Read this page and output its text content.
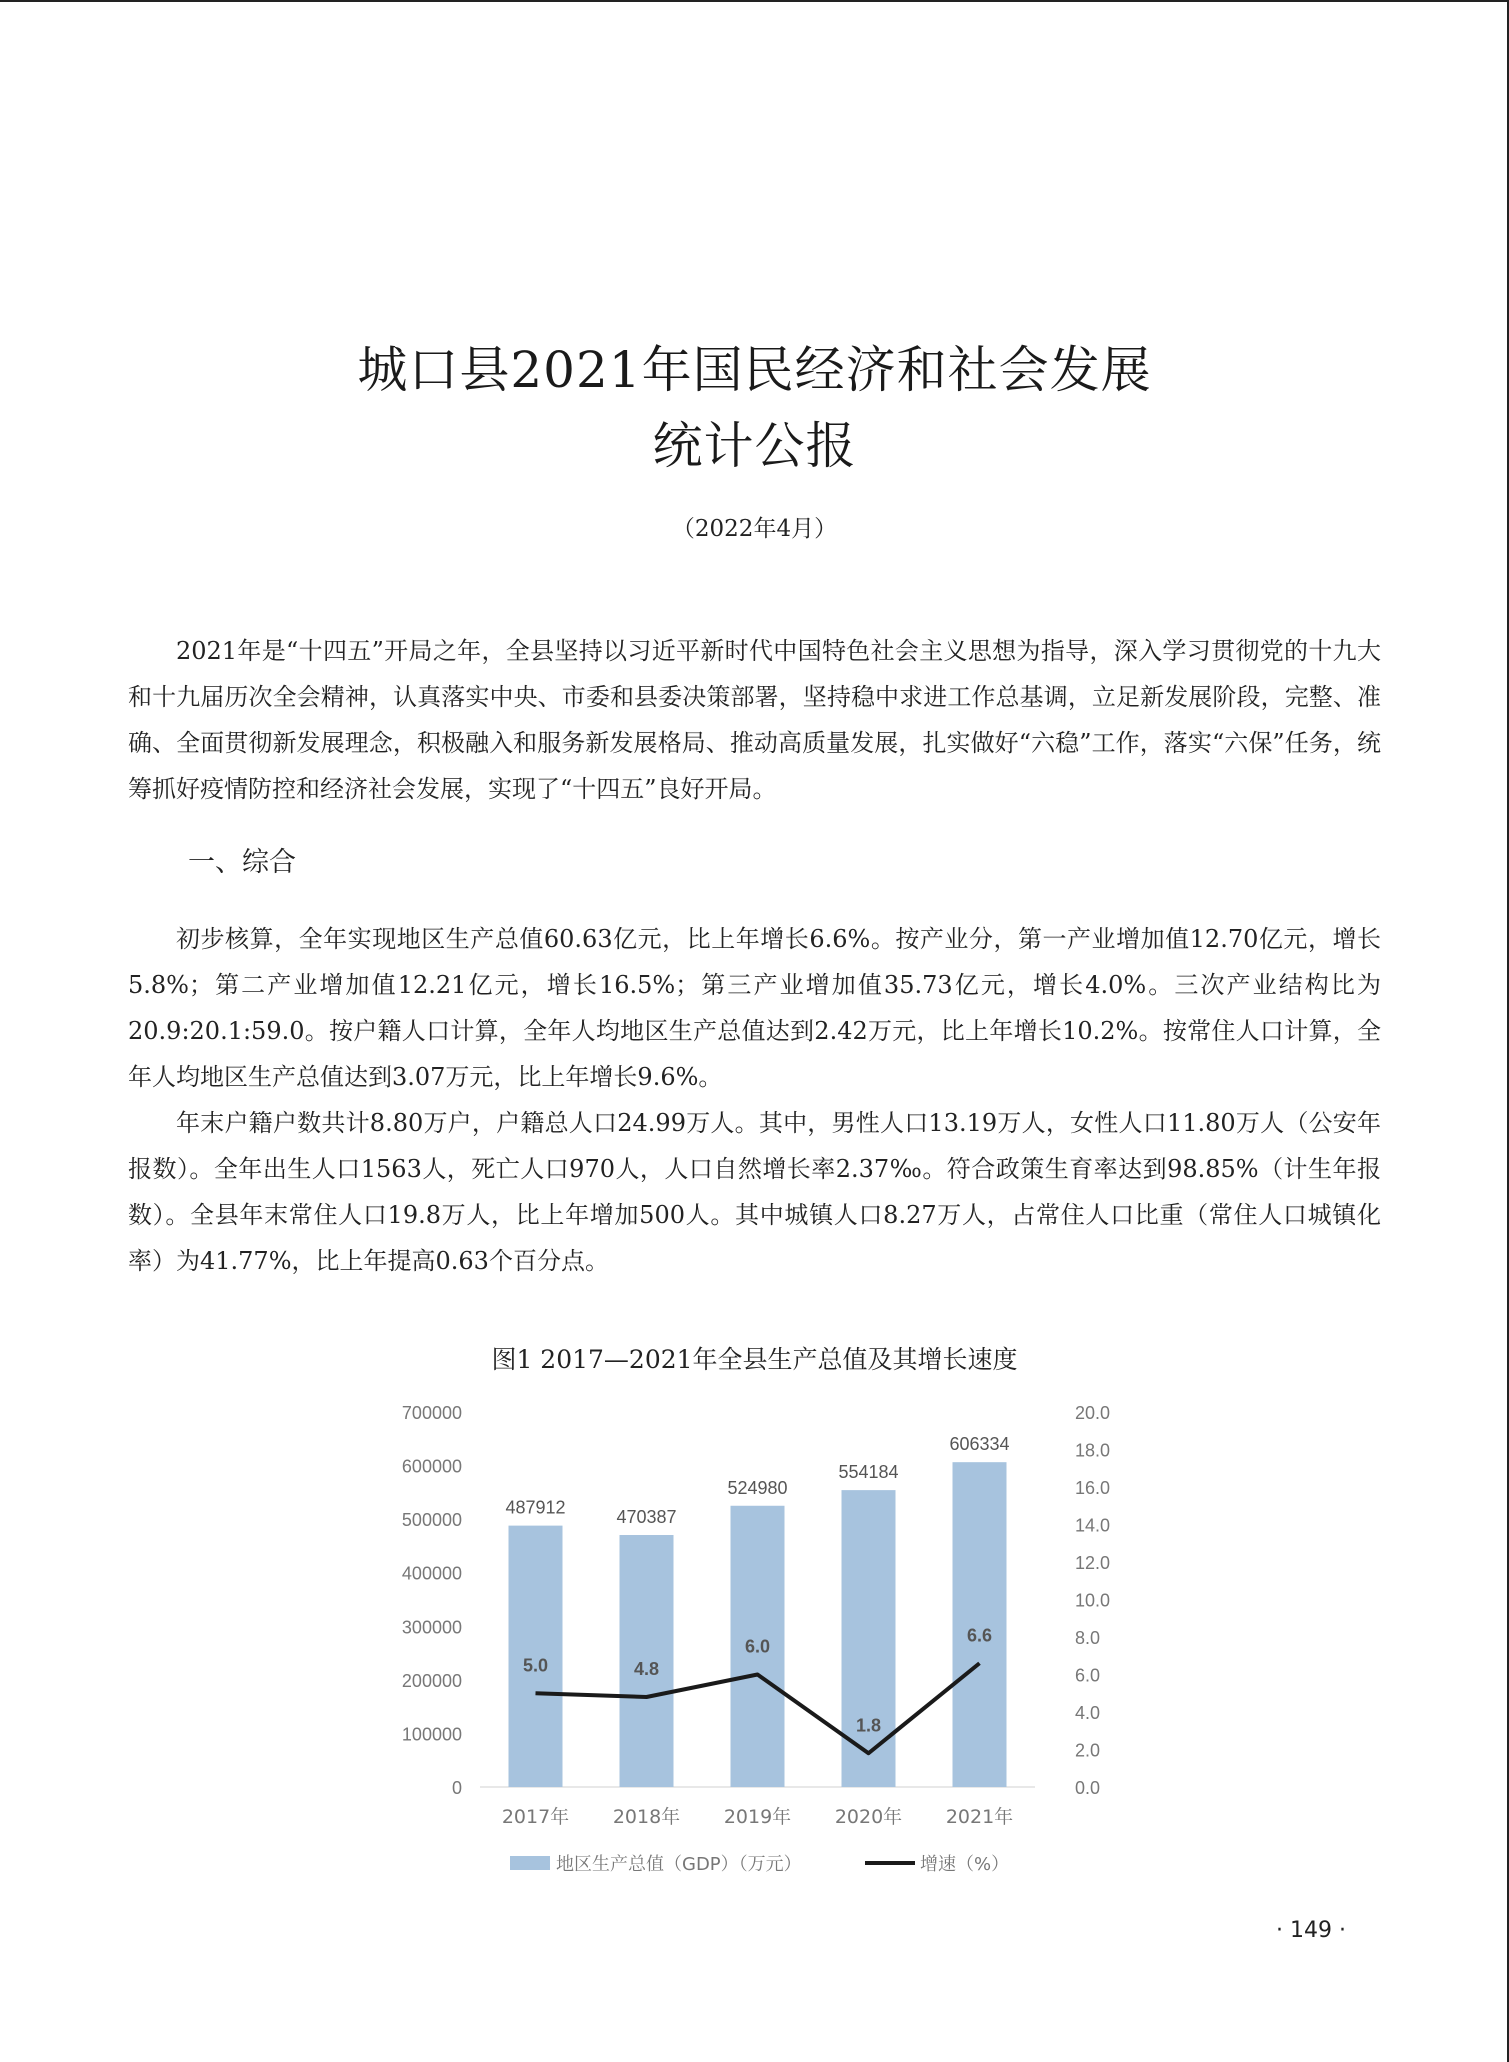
城口县2021年国民经济和社会发展
统计公报
（2022年4月）

2021年是“十四五”开局之年，全县坚持以习近平新时代中国特色社会主义思想为指导，深入学习贯彻党的十九大和十九届历次全会精神，认真落实中央、市委和县委决策部署，坚持稳中求进工作总基调，立足新发展阶段，完整、准确、全面贯彻新发展理念，积极融入和服务新发展格局、推动高质量发展，扎实做好“六稳”工作，落实“六保”任务，统筹抓好疫情防控和经济社会发展，实现了“十四五”良好开局。

一、综合

初步核算，全年实现地区生产总值60.63亿元，比上年增长6.6%。按产业分，第一产业增加值12.70亿元，增长5.8%；第二产业增加值12.21亿元，增长16.5%；第三产业增加值35.73亿元，增长4.0%。三次产业结构比为20.9:20.1:59.0。按户籍人口计算，全年人均地区生产总值达到2.42万元，比上年增长10.2%。按常住人口计算，全年人均地区生产总值达到3.07万元，比上年增长9.6%。

年末户籍户数共计8.80万户，户籍总人口24.99万人。其中，男性人口13.19万人，女性人口11.80万人（公安年报数）。全年出生人口1563人，死亡人口970人，人口自然增长率2.37‰。符合政策生育率达到98.85%（计生年报数）。全县年末常住人口19.8万人，比上年增加500人。其中城镇人口8.27万人，占常住人口比重（常住人口城镇化率）为41.77%，比上年提高0.63个百分点。

图1 2017—2021年全县生产总值及其增长速度
0
100000
200000
300000
400000
500000
600000
700000
0.0
2.0
4.0
6.0
8.0
10.0
12.0
14.0
16.0
18.0
20.0
487912
2017年
470387
2018年
524980
2019年
554184
2020年
606334
2021年
5.0	4.8
6.0
1.8
6.6
地区生产总值（GDP）（万元）	增速（%）
· 149 ·
